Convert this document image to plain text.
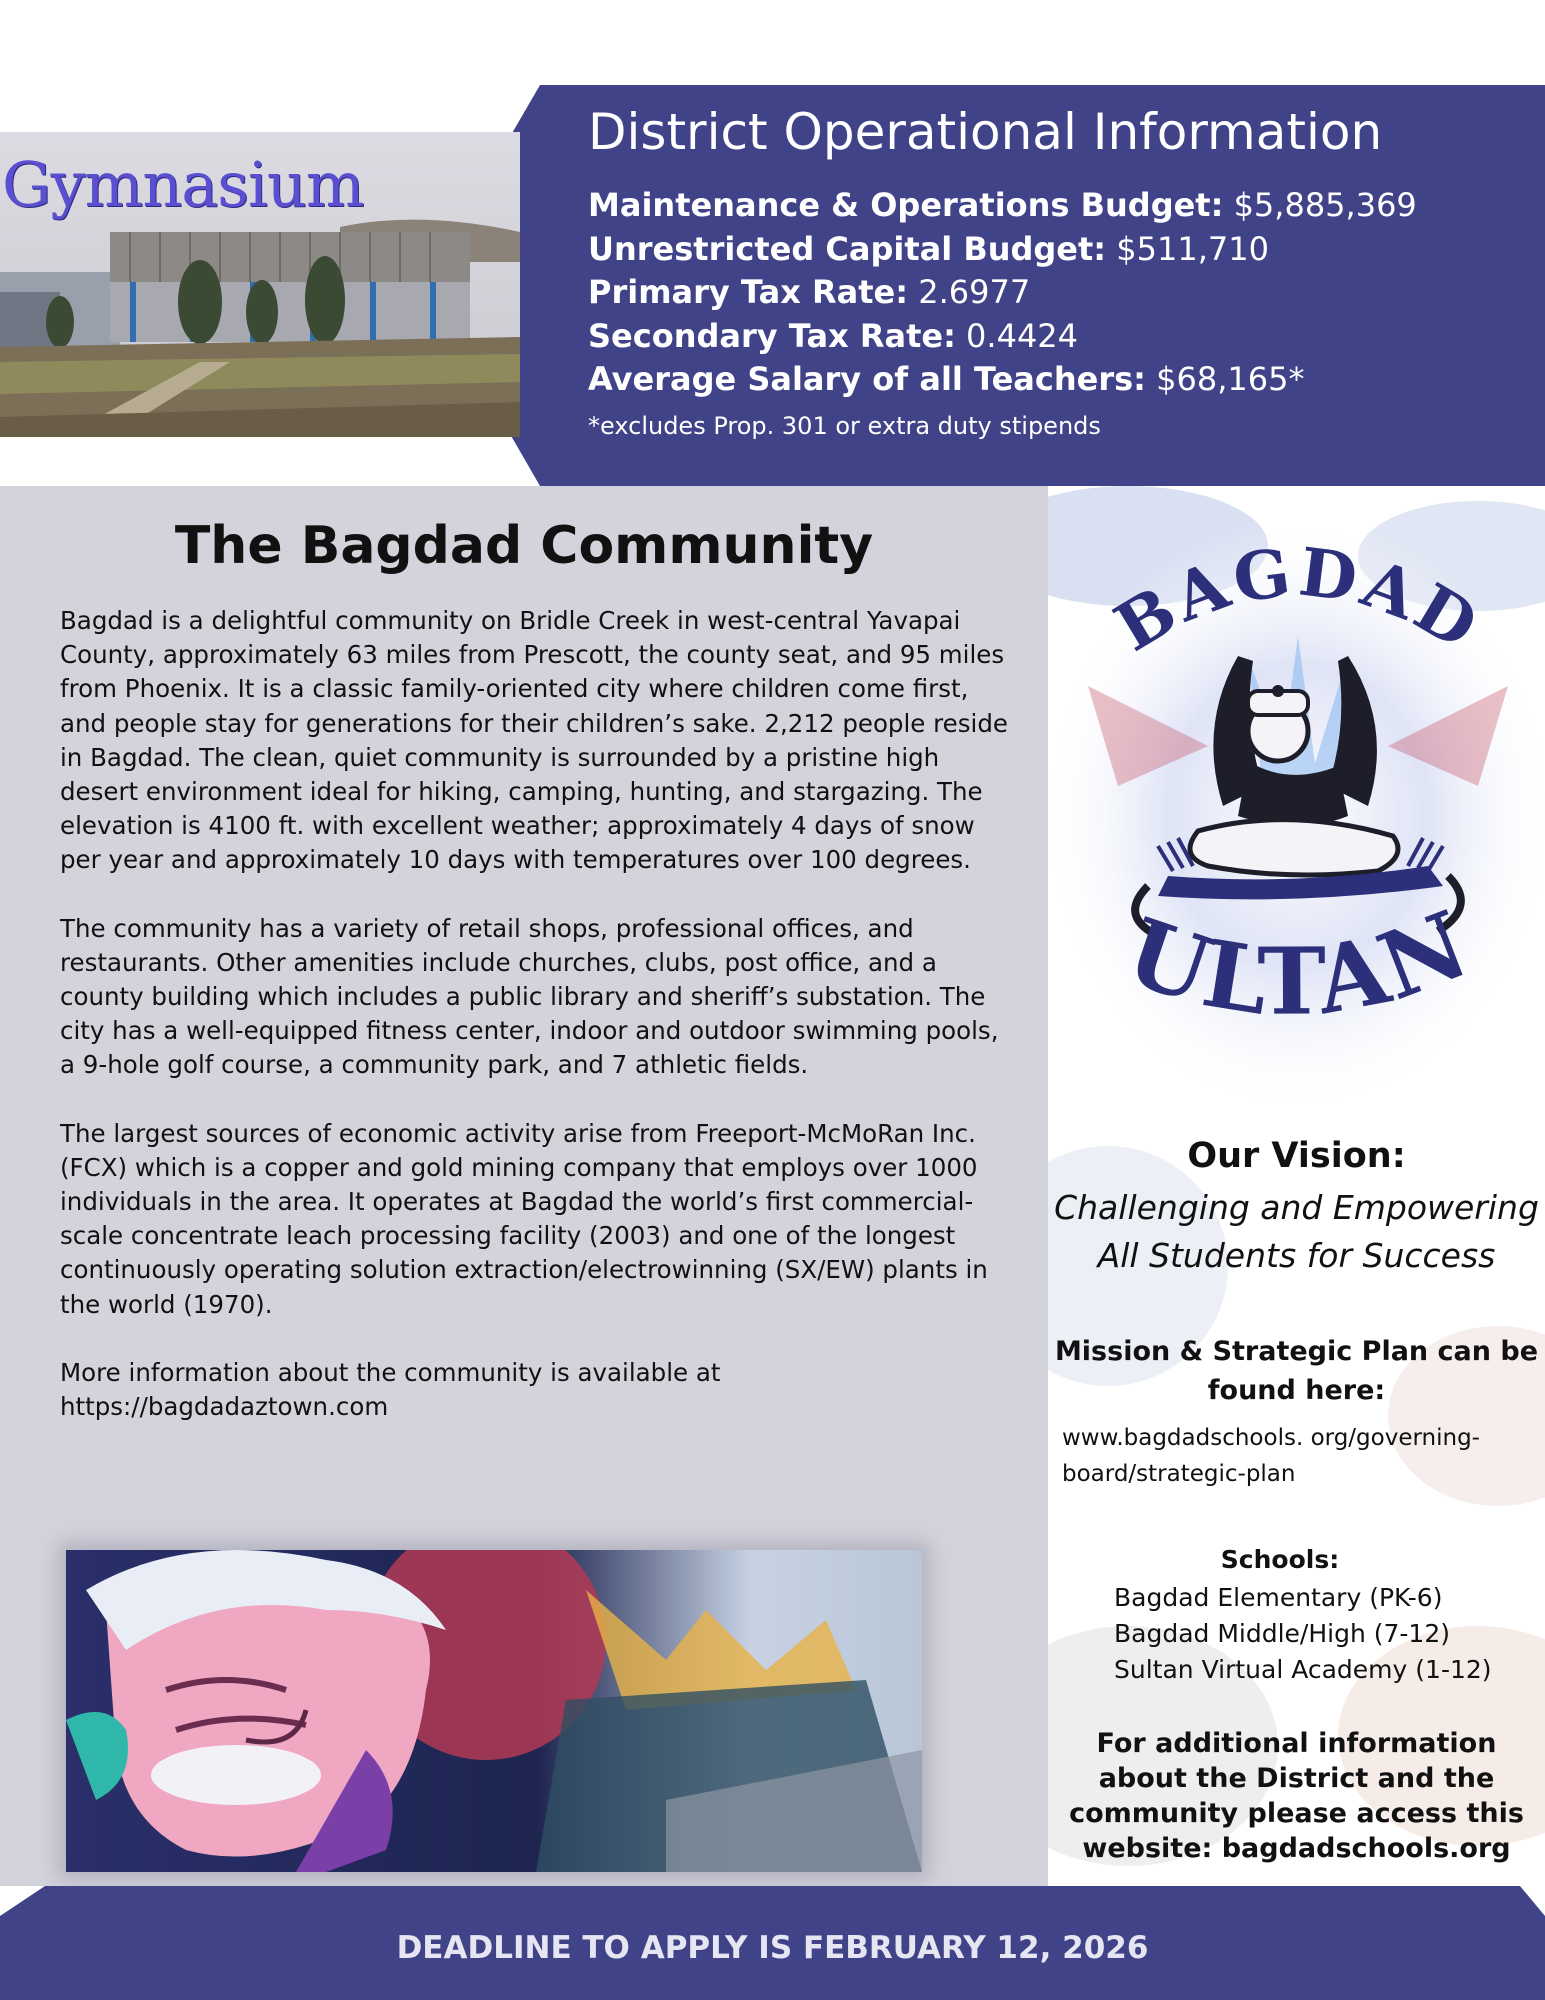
Gymnasium
District Operational Information
Maintenance & Operations Budget: $5,885,369
Unrestricted Capital Budget: $511,710
Primary Tax Rate: 2.6977
Secondary Tax Rate: 0.4424
Average Salary of all Teachers: $68,165*
*excludes Prop. 301 or extra duty stipends
The Bagdad Community

Bagdad is a delightful community on Bridle Creek in west-central Yavapai County, approximately 63 miles from Prescott, the county seat, and 95 miles from Phoenix. It is a classic family-oriented city where children come first, and people stay for generations for their children’s sake. 2,212 people reside in Bagdad. The clean, quiet community is surrounded by a pristine high desert environment ideal for hiking, camping, hunting, and stargazing. The elevation is 4100 ft. with excellent weather; approximately 4 days of snow per year and approximately 10 days with temperatures over 100 degrees.

The community has a variety of retail shops, professional offices, and restaurants. Other amenities include churches, clubs, post office, and a county building which includes a public library and sheriff’s substation. The city has a well-equipped fitness center, indoor and outdoor swimming pools, a 9-hole golf course, a community park, and 7 athletic fields.

The largest sources of economic activity arise from Freeport-McMoRan Inc. (FCX) which is a copper and gold mining company that employs over 1000 individuals in the area. It operates at Bagdad the world’s first commercial-scale concentrate leach processing facility (2003) and one of the longest continuously operating solution extraction/electrowinning (SX/EW) plants in the world (1970).

More information about the community is available at https://bagdadaztown.com

BAGDAD
ULTAN
Our Vision:
Challenging and Empowering All Students for Success
Mission & Strategic Plan can be found here:
www.bagdadschools. org/governing-board/strategic-plan
Schools:
Bagdad Elementary (PK-6)
Bagdad Middle/High (7-12)
Sultan Virtual Academy (1-12)
For additional information about the District and the community please access this website: bagdadschools.org
DEADLINE TO APPLY IS FEBRUARY 12, 2026
